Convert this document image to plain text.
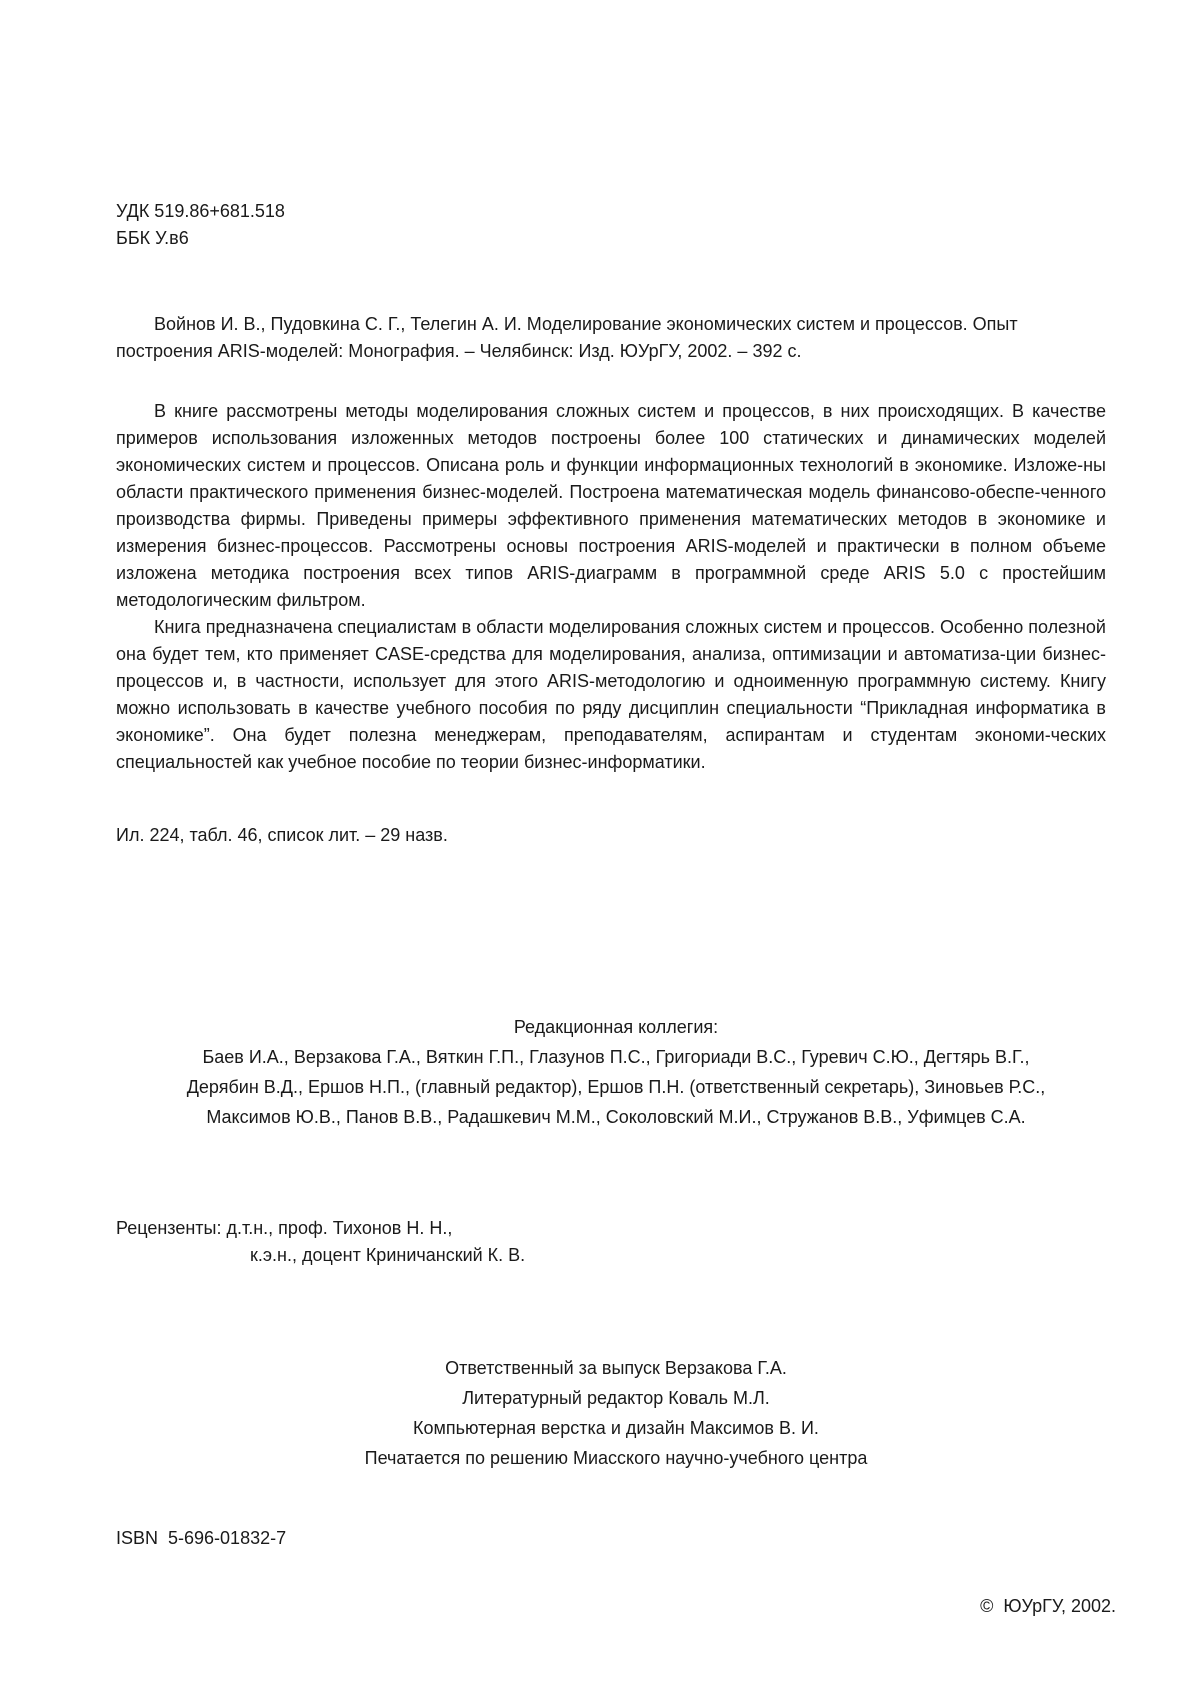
УДК 519.86+681.518
ББК У.в6
Войнов И. В., Пудовкина С. Г., Телегин А. И. Моделирование экономических систем и процессов. Опыт
построения ARIS-моделей: Монография. – Челябинск: Изд. ЮУрГУ, 2002. – 392 с.

В книге рассмотрены методы моделирования сложных систем и процессов, в них происходящих. В качестве примеров использования изложенных методов построены более 100 статических и динамических моделей экономических систем и процессов. Описана роль и функции информационных технологий в экономике. Изложе-ны области практического применения бизнес-моделей. Построена математическая модель финансово-обеспе-ченного производства фирмы. Приведены примеры эффективного применения математических методов в экономике и измерения бизнес-процессов. Рассмотрены основы построения ARIS-моделей и практически в полном объеме изложена методика построения всех типов ARIS-диаграмм в программной среде ARIS 5.0 с простейшим методологическим фильтром.

Книга предназначена специалистам в области моделирования сложных систем и процессов. Особенно полезной она будет тем, кто применяет CASE-средства для моделирования, анализа, оптимизации и автоматиза-ции бизнес-процессов и, в частности, использует для этого ARIS-методологию и одноименную программную систему. Книгу можно использовать в качестве учебного пособия по ряду дисциплин специальности “Прикладная информатика в экономике”. Она будет полезна менеджерам, преподавателям, аспирантам и студентам экономи-ческих специальностей как учебное пособие по теории бизнес-информатики.

Ил. 224, табл. 46, список лит. – 29 назв.
Редакционная коллегия:
Баев И.А., Верзакова Г.А., Вяткин Г.П., Глазунов П.С., Григориади В.С., Гуревич С.Ю., Дегтярь В.Г.,
Дерябин В.Д., Ершов Н.П., (главный редактор), Ершов П.Н. (ответственный секретарь), Зиновьев Р.С.,
Максимов Ю.В., Панов В.В., Радашкевич М.М., Соколовский М.И., Стружанов В.В., Уфимцев С.А.
Рецензенты: д.т.н., проф. Тихонов Н. Н.,
к.э.н., доцент Криничанский К. В.
Ответственный за выпуск Верзакова Г.А.
Литературный редактор Коваль М.Л.
Компьютерная верстка и дизайн Максимов В. И.
Печатается по решению Миасского научно-учебного центра
ISBN  5-696-01832-7
©  ЮУрГУ, 2002.
